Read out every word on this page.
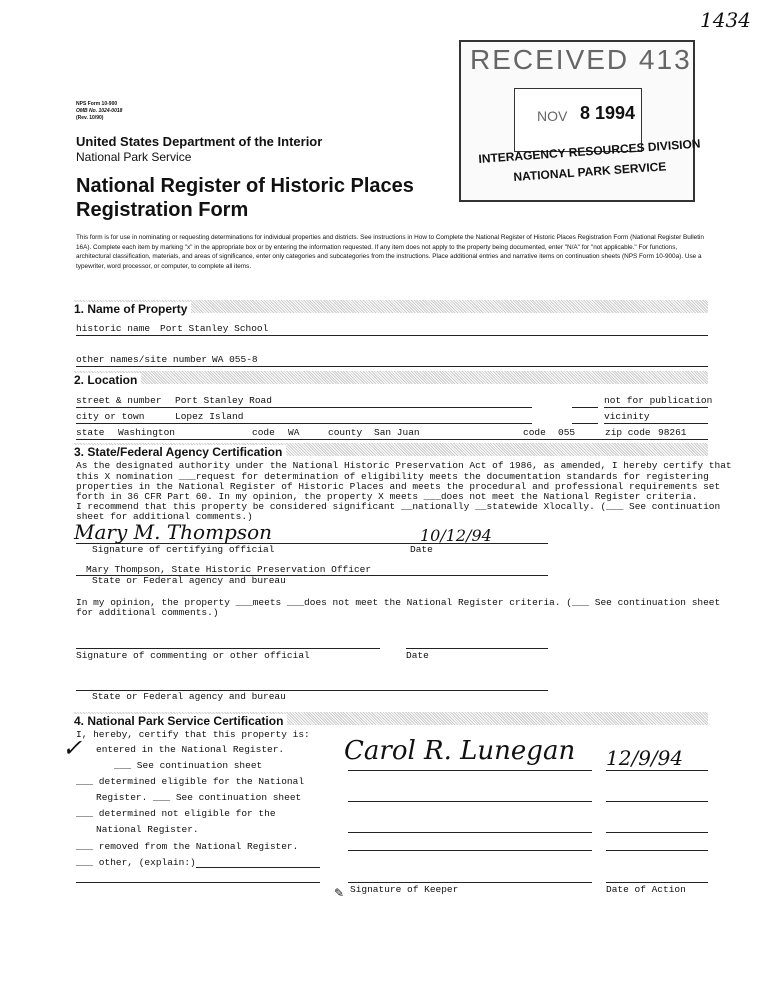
1434
NPS Form 10-900
OMB No. 1024-0018
(Rev. 10/90)
United States Department of the Interior
National Park Service
National Register of Historic Places
Registration Form
RECEIVED 413
NOV 8 1994
INTERAGENCY RESOURCES DIVISION
NATIONAL PARK SERVICE
This form is for use in nominating or requesting determinations for individual properties and districts. See instructions in How to Complete the National Register of Historic Places Registration Form (National Register Bulletin 16A). Complete each item by marking "x" in the appropriate box or by entering the information requested. If any item does not apply to the property being documented, enter "N/A" for "not applicable." For functions, architectural classification, materials, and areas of significance, enter only categories and subcategories from the instructions. Place additional entries and narrative items on continuation sheets (NPS Form 10-900a). Use a typewriter, word processor, or computer, to complete all items.
1. Name of Property
historic name Port Stanley School
other names/site number WA 055-8
2. Location
street & number Port Stanley Road	not for publication
city or town	Lopez Island	vicinity
state Washington	code WA	county San Juan	code 055	zip code 98261
3. State/Federal Agency Certification
As the designated authority under the National Historic Preservation Act of 1986, as amended, I hereby certify that
this X nomination ___request for determination of eligibility meets the documentation standards for registering
properties in the National Register of Historic Places and meets the procedural and professional requirements set
forth in 36 CFR Part 60. In my opinion, the property X meets ___does not meet the National Register criteria.
I recommend that this property be considered significant __nationally __statewide Xlocally. (___ See continuation
sheet for additional comments.)
Mary M. Thompson	10/12/94
Signature of certifying official	Date
Mary Thompson, State Historic Preservation Officer
State or Federal agency and bureau
In my opinion, the property ___meets ___does not meet the National Register criteria. (___ See continuation sheet
for additional comments.)
Signature of commenting or other official	Date
State or Federal agency and bureau
4. National Park Service Certification
I, hereby, certify that this property is:
✓ entered in the National Register.
___ See continuation sheet
___ determined eligible for the National
Register. ___ See continuation sheet
___ determined not eligible for the
National Register.
___ removed from the National Register.
___ other, (explain:)
Carol R. Lunegan 12/9/94
✎ Signature of Keeper	Date of Action
